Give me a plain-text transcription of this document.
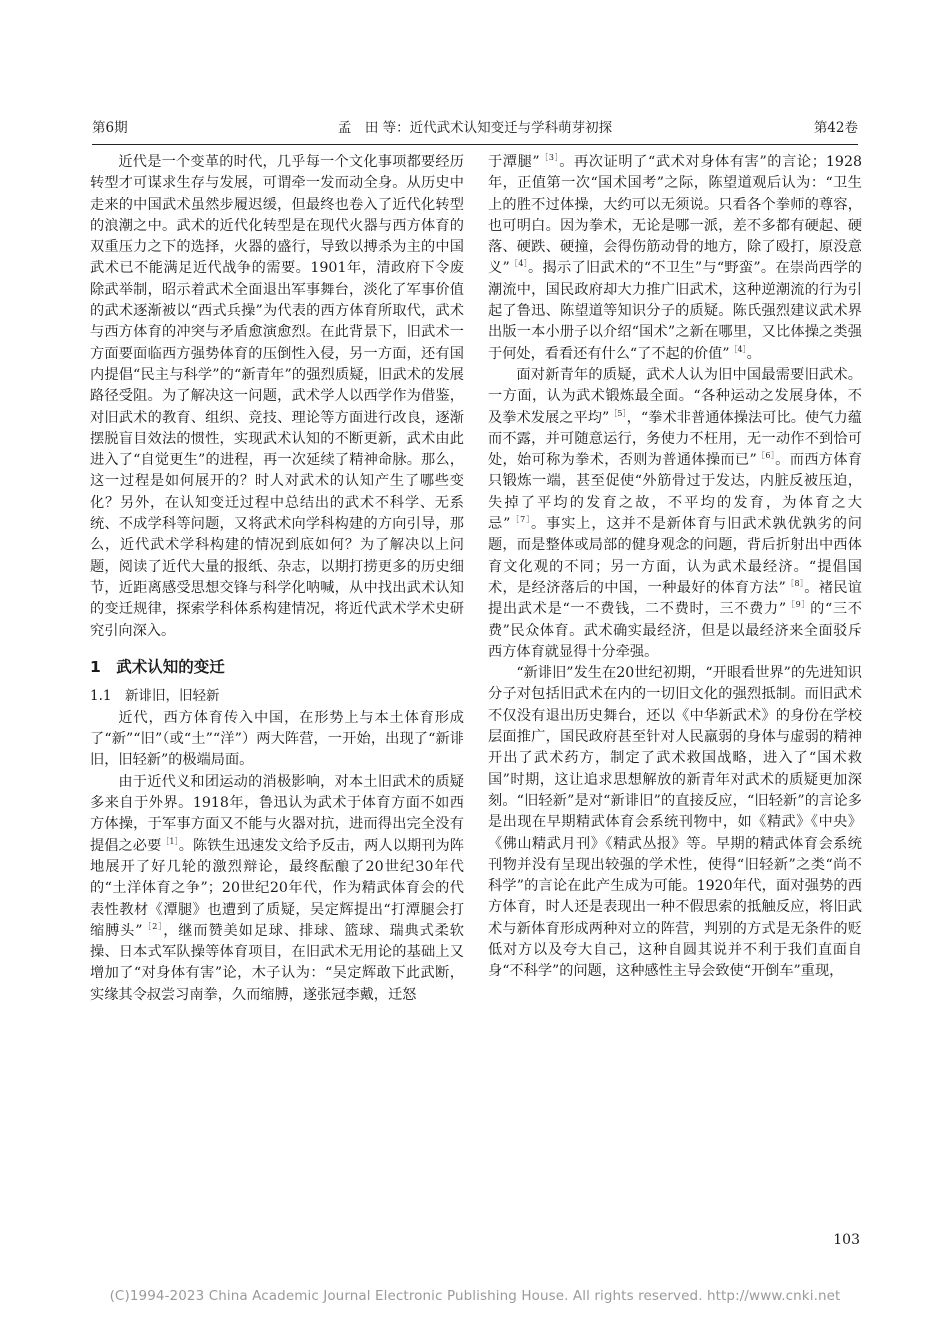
第6期	孟　田 等：近代武术认知变迁与学科萌芽初探	第42卷

近代是一个变革的时代，几乎每一个文化事项都要经历转型才可谋求生存与发展，可谓牵一发而动全身。从历史中走来的中国武术虽然步履迟缓，但最终也卷入了近代化转型的浪潮之中。武术的近代化转型是在现代火器与西方体育的双重压力之下的选择，火器的盛行，导致以搏杀为主的中国武术已不能满足近代战争的需要。1901年，清政府下令废除武举制，昭示着武术全面退出军事舞台，淡化了军事价值的武术逐渐被以“西式兵操”为代表的西方体育所取代，武术与西方体育的冲突与矛盾愈演愈烈。在此背景下，旧武术一方面要面临西方强势体育的压倒性入侵，另一方面，还有国内提倡“民主与科学”的“新青年”的强烈质疑，旧武术的发展路径受阻。为了解决这一问题，武术学人以西学作为借鉴，对旧武术的教育、组织、竞技、理论等方面进行改良，逐渐摆脱盲目效法的惯性，实现武术认知的不断更新，武术由此进入了“自觉更生”的进程，再一次延续了精神命脉。那么，这一过程是如何展开的？时人对武术的认知产生了哪些变化？另外，在认知变迁过程中总结出的武术不科学、无系统、不成学科等问题，又将武术向学科构建的方向引导，那么，近代武术学科构建的情况到底如何？为了解决以上问题，阅读了近代大量的报纸、杂志，以期打捞更多的历史细节，近距离感受思想交锋与科学化呐喊，从中找出武术认知的变迁规律，探索学科体系构建情况，将近代武术学术史研究引向深入。

1　武术认知的变迁
1.1　新诽旧，旧轻新

近代，西方体育传入中国，在形势上与本土体育形成了“新”“旧”（或“土”“洋”）两大阵营，一开始，出现了“新诽旧，旧轻新”的极端局面。

由于近代义和团运动的消极影响，对本土旧武术的质疑多来自于外界。1918年，鲁迅认为武术于体育方面不如西方体操，于军事方面又不能与火器对抗，进而得出完全没有提倡之必要$^{[1]}$。陈铁生迅速发文给予反击，两人以期刊为阵地展开了好几轮的激烈辩论，最终酝酿了20世纪30年代的“土洋体育之争”；20世纪20年代，作为精武体育会的代表性教材《潭腿》也遭到了质疑，吴定辉提出“打潭腿会打缩膊头”$^{[2]}$，继而赞美如足球、排球、篮球、瑞典式柔软操、日本式军队操等体育项目，在旧武术无用论的基础上又增加了“对身体有害”论，木子认为：“吴定辉敢下此武断，实缘其令叔尝习南拳，久而缩膊，遂张冠李戴，迁怒

于潭腿”$^{[3]}$。再次证明了“武术对身体有害”的言论；1928年，正值第一次“国术国考”之际，陈望道观后认为：“卫生上的胜不过体操，大约可以无须说。只看各个拳师的尊容，也可明白。因为拳术，无论是哪一派，差不多都有硬起、硬落、硬跌、硬撞，会得伤筋动骨的地方，除了殴打，原没意义”$^{[4]}$。揭示了旧武术的“不卫生”与“野蛮”。在崇尚西学的潮流中，国民政府却大力推广旧武术，这种逆潮流的行为引起了鲁迅、陈望道等知识分子的质疑。陈氏强烈建议武术界出版一本小册子以介绍“国术”之新在哪里，又比体操之类强于何处，看看还有什么“了不起的价值”$^{[4]}$。

面对新青年的质疑，武术人认为旧中国最需要旧武术。一方面，认为武术锻炼最全面。“各种运动之发展身体，不及拳术发展之平均”$^{[5]}$，“拳术非普通体操法可比。使气力蕴而不露，并可随意运行，务使力不枉用，无一动作不到恰可处，始可称为拳术，否则为普通体操而已”$^{[6]}$。而西方体育只锻炼一端，甚至促使“外筋骨过于发达，内脏反被压迫，失掉了平均的发育之故，不平均的发育，为体育之大忌”$^{[7]}$。事实上，这并不是新体育与旧武术孰优孰劣的问题，而是整体或局部的健身观念的问题，背后折射出中西体育文化观的不同；另一方面，认为武术最经济。“提倡国术，是经济落后的中国，一种最好的体育方法”$^{[8]}$。褚民谊提出武术是“一不费钱，二不费时，三不费力”$^{[9]}$的“三不费”民众体育。武术确实最经济，但是以最经济来全面驳斥西方体育就显得十分牵强。

“新诽旧”发生在20世纪初期，“开眼看世界”的先进知识分子对包括旧武术在内的一切旧文化的强烈抵制。而旧武术不仅没有退出历史舞台，还以《中华新武术》的身份在学校层面推广，国民政府甚至针对人民羸弱的身体与虚弱的精神开出了武术药方，制定了武术救国战略，进入了“国术救国”时期，这让追求思想解放的新青年对武术的质疑更加深刻。“旧轻新”是对“新诽旧”的直接反应，“旧轻新”的言论多是出现在早期精武体育会系统刊物中，如《精武》《中央》《佛山精武月刊》《精武丛报》等。早期的精武体育会系统刊物并没有呈现出较强的学术性，使得“旧轻新”之类“尚不科学”的言论在此产生成为可能。1920年代，面对强势的西方体育，时人还是表现出一种不假思索的抵触反应，将旧武术与新体育形成两种对立的阵营，判别的方式是无条件的贬低对方以及夸大自己，这种自圆其说并不利于我们直面自身“不科学”的问题，这种感性主导会致使“开倒车”重现，

103
(C)1994-2023 China Academic Journal Electronic Publishing House. All rights reserved. http://www.cnki.net
